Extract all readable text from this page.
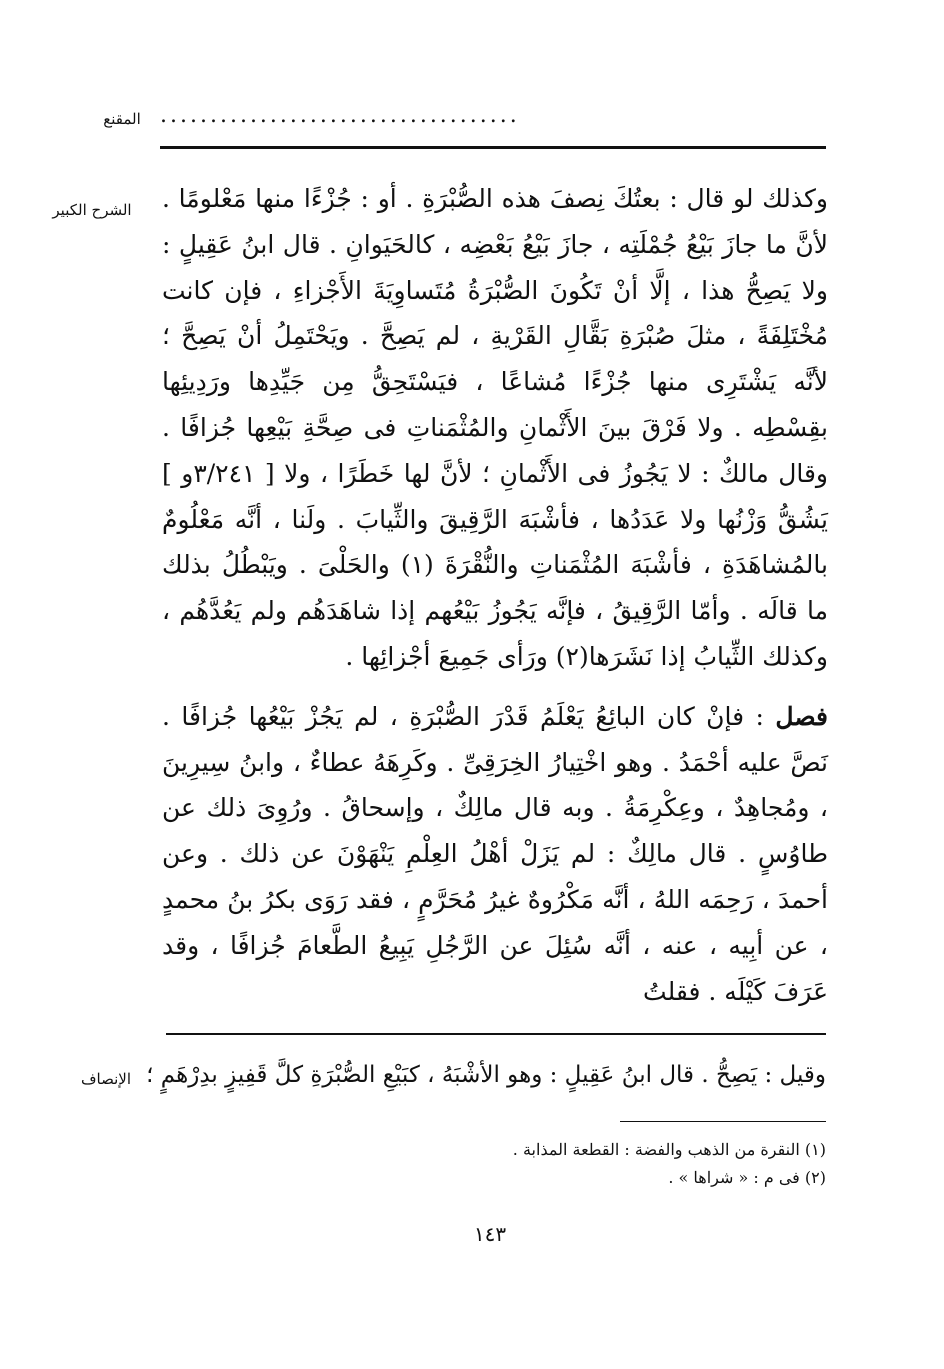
المقنع ....................................
الشرح الكبير	وكذلك لو قال : بعتُكَ نِصفَ هذه الصُّبْرَةِ . أو : جُزْءًا منها مَعْلومًا . لأنَّ ما جازَ بَيْعُ جُمْلَتِه ، جازَ بَيْعُ بَعْضِه ، كالحَيَوانِ . قال ابنُ عَقِيلٍ : ولا يَصِحُّ هذا ، إلَّا أنْ تَكُونَ الصُّبْرَةُ مُتَساوِيَةَ الأَجْزاءِ ، فإن كانت مُخْتَلِفَةً ، مثلَ صُبْرَةِ بَقَّالِ القَرْيةِ ، لم يَصِحَّ . ويَحْتَمِلُ أنْ يَصِحَّ ؛ لأنَّه يَشْتَرِى منها جُزْءًا مُشاعًا ، فيَسْتَحِقُّ مِن جَيِّدِها ورَدِيئِها بقِسْطِه . ولا فَرْقَ بينَ الأَثْمانِ والمُثْمَناتِ فى صِحَّةِ بَيْعِها جُزافًا . وقال مالكٌ : لا يَجُوزُ فى الأَثْمانِ ؛ لأنَّ لها خَطَرًا ، ولا [ ٣/٢٤١و ] يَشُقُّ وَزْنُها ولا عَدَدُها ، فأشْبَهَ الرَّقِيقَ والثِّيابَ . ولَنا ، أنَّه مَعْلُومٌ بالمُشاهَدَةِ ، فأشْبَهَ المُثْمَناتِ والنُّقْرَةَ (١) والحَلْىَ . ويَبْطُلُ بذلك ما قالَه . وأمّا الرَّقِيقُ ، فإنَّه يَجُوزُ بَيْعُهم إذا شاهَدَهُم ولم يَعُدَّهُم ، وكذلك الثِّيابُ إذا نَشَرَها(٢) ورَأى جَمِيعَ أجْزائِها .

فصل : فإنْ كان البائِعُ يَعْلَمُ قَدْرَ الصُّبْرَةِ ، لم يَجُزْ بَيْعُها جُزافًا . نَصَّ عليه أحْمَدُ . وهو اخْتِيارُ الخِرَقِىِّ . وكَرِهَهُ عطاءٌ ، وابنُ سِيرِينَ ، ومُجاهِدٌ ، وعِكْرِمَةُ . وبه قال مالِكٌ ، وإسحاقُ . ورُوِىَ ذلك عن طاوُسٍ . قال مالِكٌ : لم يَزَلْ أهْلُ العِلْمِ يَنْهَوْنَ عن ذلك . وعن أحمدَ ، رَحِمَه اللهُ ، أنَّه مَكْرُوهٌ غيرُ مُحَرَّمٍ ، فقد رَوَى بكرُ بنُ محمدٍ ، عن أبِيه ، عنه ، أنَّه سُئِلَ عن الرَّجُلِ يَبِيعُ الطَّعامَ جُزافًا ، وقد عَرَفَ كَيْلَه . فقلتُ

الإنصاف وقيل : يَصِحُّ . قال ابنُ عَقِيلٍ : وهو الأشْبَهُ ، كبَيْعِ الصُّبْرَةِ كلَّ قَفِيزٍ بدِرْهَمٍ ؛
(١) النقرة من الذهب والفضة : القطعة المذابة .
(٢) فى م : « شراها » .
١٤٣
